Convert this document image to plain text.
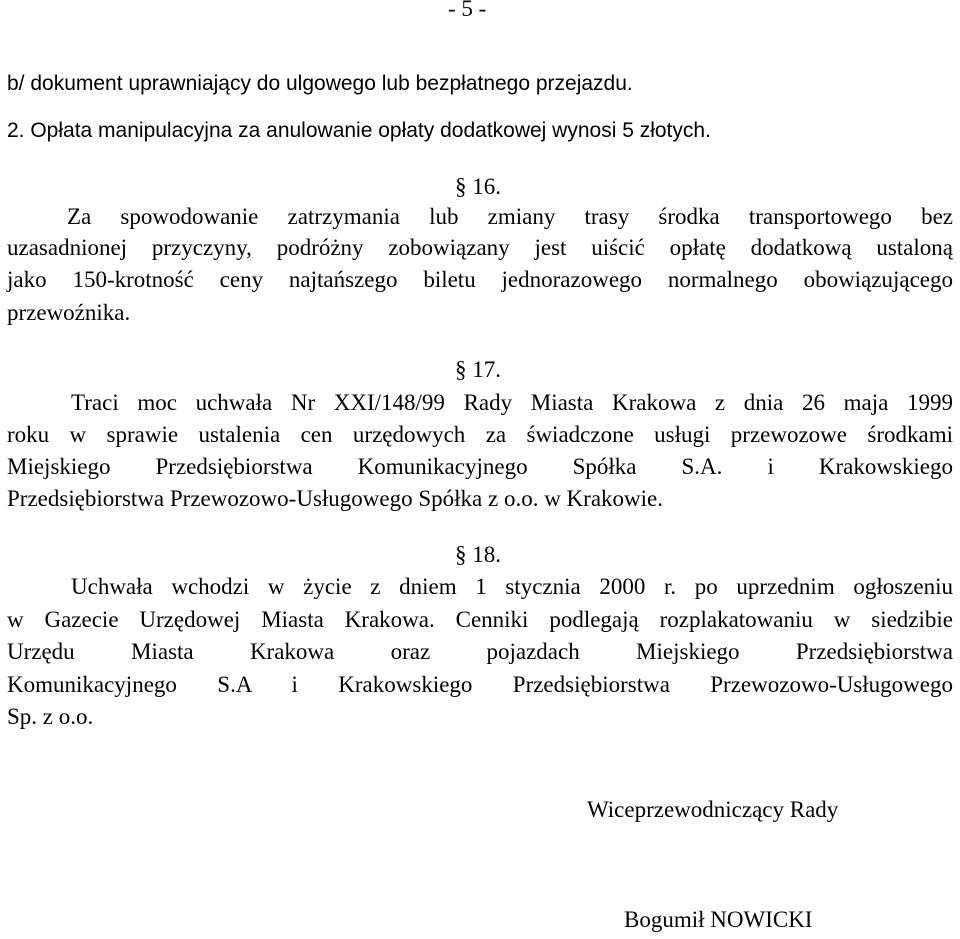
- 5 -
b/ dokument uprawniający do ulgowego lub bezpłatnego przejazdu.
2. Opłata manipulacyjna za anulowanie opłaty dodatkowej wynosi 5 złotych.
§ 16.
Za spowodowanie zatrzymania lub zmiany trasy środka transportowego bez
uzasadnionej przyczyny, podróżny zobowiązany jest uiścić opłatę dodatkową ustaloną
jako 150-krotność ceny najtańszego biletu jednorazowego normalnego obowiązującego
przewoźnika.
§ 17.
Traci moc uchwała Nr XXI/148/99 Rady Miasta Krakowa z dnia 26 maja 1999
roku w sprawie ustalenia cen urzędowych za świadczone usługi przewozowe środkami
Miejskiego Przedsiębiorstwa Komunikacyjnego Spółka S.A. i Krakowskiego
Przedsiębiorstwa Przewozowo-Usługowego Spółka z o.o. w Krakowie.
§ 18.
Uchwała wchodzi w życie z dniem 1 stycznia 2000 r. po uprzednim ogłoszeniu
w Gazecie Urzędowej Miasta Krakowa. Cenniki podlegają rozplakatowaniu w siedzibie
Urzędu Miasta Krakowa oraz pojazdach Miejskiego Przedsiębiorstwa
Komunikacyjnego S.A i Krakowskiego Przedsiębiorstwa Przewozowo-Usługowego
Sp. z o.o.
Wiceprzewodniczący Rady
Bogumił NOWICKI
